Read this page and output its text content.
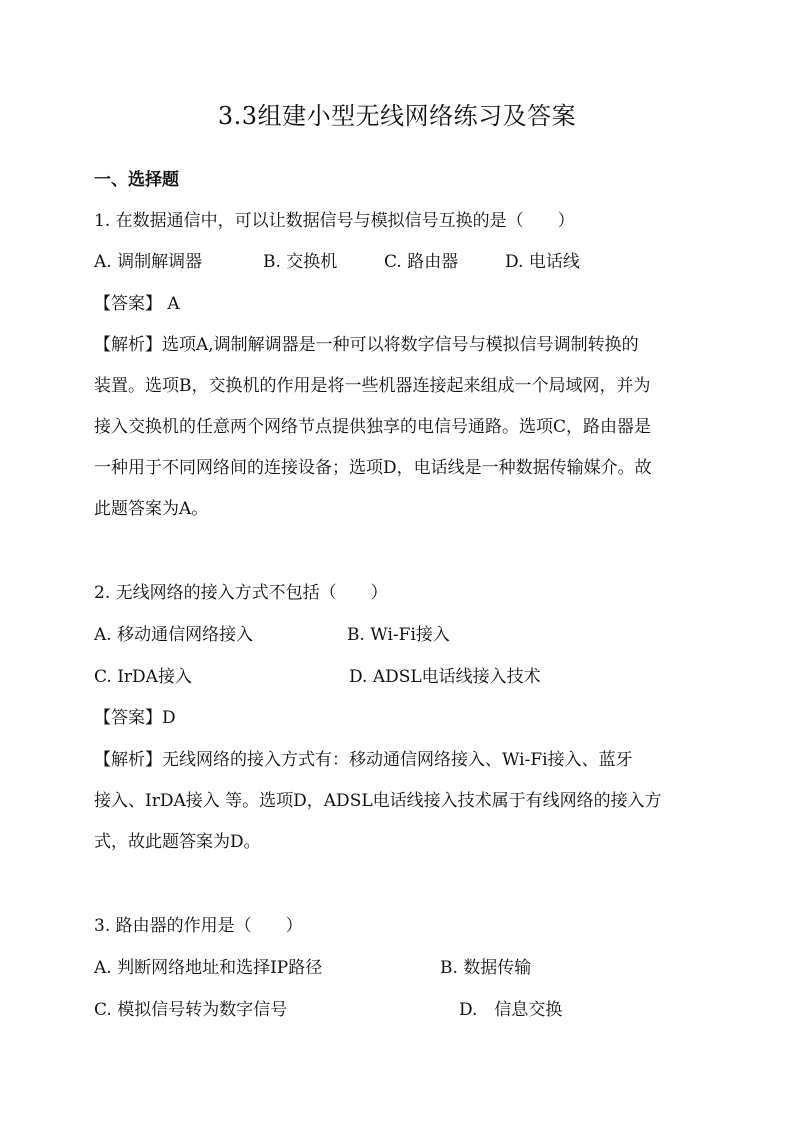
3.3组建小型无线网络练习及答案
一、选择题
1. 在数据通信中，可以让数据信号与模拟信号互换的是（　　）
A. 调制解调器	B. 交换机	C. 路由器	D. 电话线
【答案】 A
【解析】选项A,调制解调器是一种可以将数字信号与模拟信号调制转换的
装置。选项B，交换机的作用是将一些机器连接起来组成一个局域网，并为
接入交换机的任意两个网络节点提供独享的电信号通路。选项C，路由器是
一种用于不同网络间的连接设备；选项D，电话线是一种数据传输媒介。故
此题答案为A。
2. 无线网络的接入方式不包括（　　）
A. 移动通信网络接入	B. Wi-Fi接入
C. IrDA接入	D. ADSL电话线接入技术
【答案】D
【解析】无线网络的接入方式有：移动通信网络接入、Wi-Fi接入、蓝牙
接入、IrDA接入 等。选项D，ADSL电话线接入技术属于有线网络的接入方
式，故此题答案为D。
3. 路由器的作用是（　　）
A. 判断网络地址和选择IP路径	B. 数据传输
C. 模拟信号转为数字信号	D.　信息交换
